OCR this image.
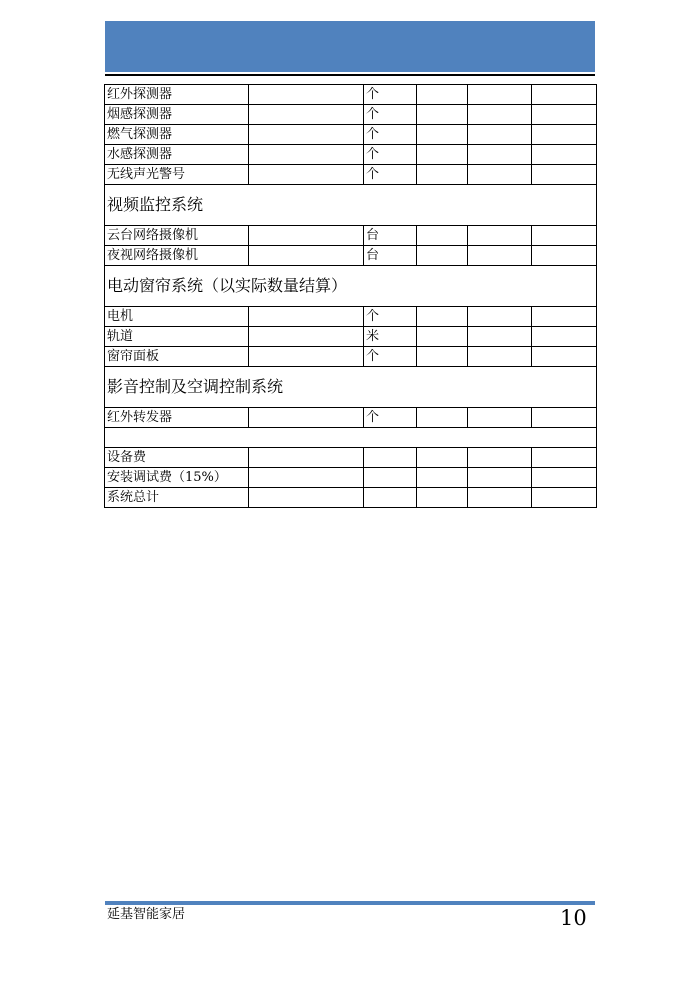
红外探测器		个			
烟感探测器		个			
燃气探测器		个			
水感探测器		个			
无线声光警号		个			
视频监控系统					
云台网络摄像机		台			
夜视网络摄像机		台			
电动窗帘系统（以实际数量结算）					
电机		个			
轨道		米			
窗帘面板		个			
影音控制及空调控制系统					
红外转发器		个			

设备费					
安装调试费（15%）					
系统总计					
延基智能家居	10
